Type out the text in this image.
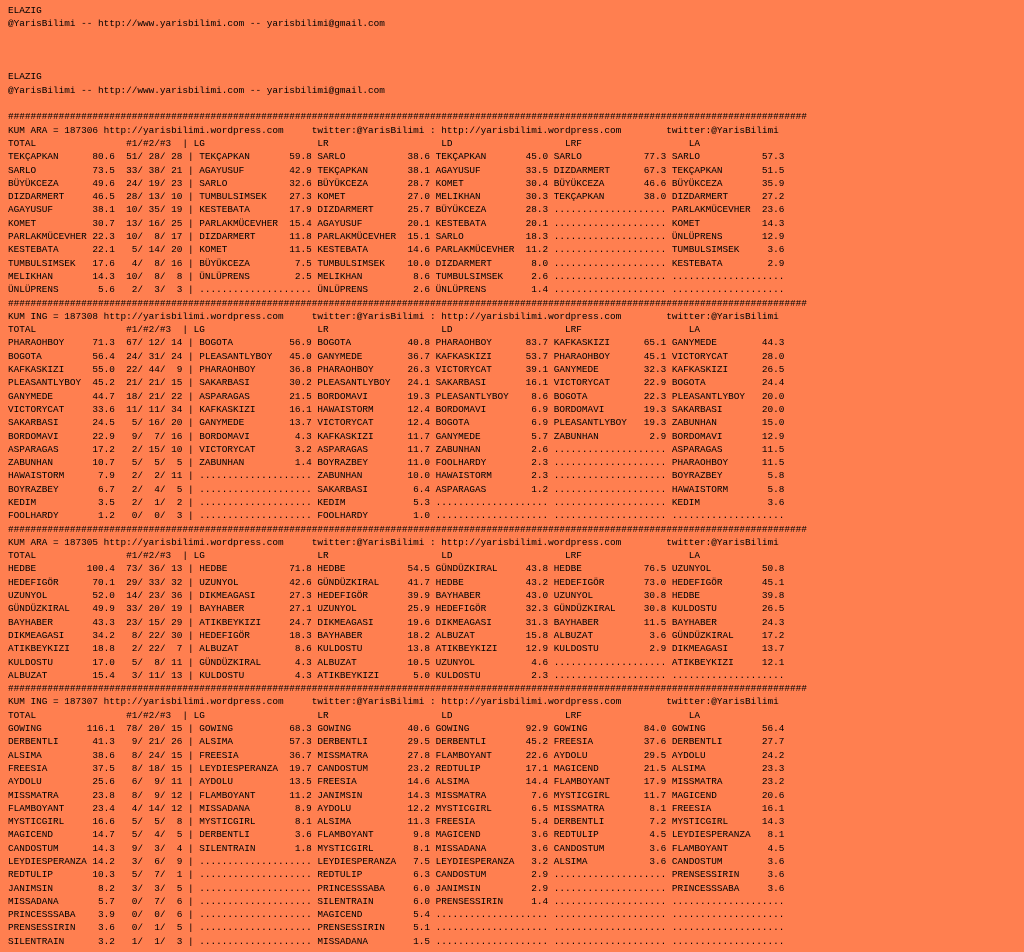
ELAZIG
@YarisBilimi -- http://www.yarisbilimi.com -- yarisbilimi@gmail.com

ELAZIG
@YarisBilimi -- http://www.yarisbilimi.com -- yarisbilimi@gmail.com

##############################################################################################################################################
KUM ARA = 187306 http://yarisbilimi.wordpress.com     twitter:@YarisBilimi : http://yarisbilimi.wordpress.com        twitter:@YarisBilimi
TOTAL                #1/#2/#3  | LG                    LR                    LD                    LRF                   LA
TEKÇAPKAN      80.6  51/ 28/ 28 | TEKÇAPKAN       59.8 SARLO           38.6 TEKÇAPKAN       45.0 SARLO           77.3 SARLO           57.3
SARLO          73.5  33/ 38/ 21 | AGAYUSUF        42.9 TEKÇAPKAN       38.1 AGAYUSUF        33.5 DIZDARMERT      67.3 TEKÇAPKAN       51.5
BÜYÜKCEZA      49.6  24/ 19/ 23 | SARLO           32.6 BÜYÜKCEZA       28.7 KOMET           30.4 BÜYÜKCEZA       46.6 BÜYÜKCEZA       35.9
DIZDARMERT     46.5  28/ 13/ 10 | TUMBULSIMSEK    27.3 KOMET           27.0 MELIKHAN        30.3 TEKÇAPKAN       38.0 DIZDARMERT      27.2
AGAYUSUF       38.1  10/ 35/ 19 | KESTEBATA       17.9 DIZDARMERT      25.7 BÜYÜKCEZA       28.3 .................... PARLAKMÜCEVHER  23.6
KOMET          30.7  13/ 16/ 25 | PARLAKMÜCEVHER  15.4 AGAYUSUF        20.1 KESTEBATA       20.1 .................... KOMET           14.3
PARLAKMÜCEVHER 22.3  10/  8/ 17 | DIZDARMERT      11.8 PARLAKMÜCEVHER  15.1 SARLO           18.3 .................... ÜNLÜPRENS       12.9
KESTEBATA      22.1   5/ 14/ 20 | KOMET           11.5 KESTEBATA       14.6 PARLAKMÜCEVHER  11.2 .................... TUMBULSIMSEK     3.6
TUMBULSIMSEK   17.6   4/  8/ 16 | BÜYÜKCEZA        7.5 TUMBULSIMSEK    10.0 DIZDARMERT       8.0 .................... KESTEBATA        2.9
MELIKHAN       14.3  10/  8/  8 | ÜNLÜPRENS        2.5 MELIKHAN         8.6 TUMBULSIMSEK     2.6 .................... ....................
ÜNLÜPRENS       5.6   2/  3/  3 | .................... ÜNLÜPRENS        2.6 ÜNLÜPRENS        1.4 .................... ....................
##############################################################################################################################################
KUM ING = 187308 http://yarisbilimi.wordpress.com     twitter:@YarisBilimi : http://yarisbilimi.wordpress.com        twitter:@YarisBilimi
TOTAL                #1/#2/#3  | LG                    LR                    LD                    LRF                   LA
PHARAOHBOY     71.3  67/ 12/ 14 | BOGOTA          56.9 BOGOTA          40.8 PHARAOHBOY      83.7 KAFKASKIZI      65.1 GANYMEDE        44.3
BOGOTA         56.4  24/ 31/ 24 | PLEASANTLYBOY   45.0 GANYMEDE        36.7 KAFKASKIZI      53.7 PHARAOHBOY      45.1 VICTORYCAT      28.0
KAFKASKIZI     55.0  22/ 44/  9 | PHARAOHBOY      36.8 PHARAOHBOY      26.3 VICTORYCAT      39.1 GANYMEDE        32.3 KAFKASKIZI      26.5
PLEASANTLYBOY  45.2  21/ 21/ 15 | SAKARBASI       30.2 PLEASANTLYBOY   24.1 SAKARBASI       16.1 VICTORYCAT      22.9 BOGOTA          24.4
GANYMEDE       44.7  18/ 21/ 22 | ASPARAGAS       21.5 BORDOMAVI       19.3 PLEASANTLYBOY    8.6 BOGOTA          22.3 PLEASANTLYBOY   20.0
VICTORYCAT     33.6  11/ 11/ 34 | KAFKASKIZI      16.1 HAWAISTORM      12.4 BORDOMAVI        6.9 BORDOMAVI       19.3 SAKARBASI       20.0
SAKARBASI      24.5   5/ 16/ 20 | GANYMEDE        13.7 VICTORYCAT      12.4 BOGOTA           6.9 PLEASANTLYBOY   19.3 ZABUNHAN        15.0
BORDOMAVI      22.9   9/  7/ 16 | BORDOMAVI        4.3 KAFKASKIZI      11.7 GANYMEDE         5.7 ZABUNHAN         2.9 BORDOMAVI       12.9
ASPARAGAS      17.2   2/ 15/ 10 | VICTORYCAT       3.2 ASPARAGAS       11.7 ZABUNHAN         2.6 .................... ASPARAGAS       11.5
ZABUNHAN       10.7   5/  5/  5 | ZABUNHAN         1.4 BOYRAZBEY       11.0 FOOLHARDY        2.3 .................... PHARAOHBOY      11.5
HAWAISTORM      7.9   2/  2/ 11 | .................... ZABUNHAN        10.0 HAWAISTORM       2.3 .................... BOYRAZBEY        5.8
BOYRAZBEY       6.7   2/  4/  5 | .................... SAKARBASI        6.4 ASPARAGAS        1.2 .................... HAWAISTORM       5.8
KEDIM           3.5   2/  1/  2 | .................... KEDIM            5.3 .................... .................... KEDIM            3.6
FOOLHARDY       1.2   0/  0/  3 | .................... FOOLHARDY        1.0 .................... .................... ....................
##############################################################################################################################################
KUM ARA = 187305 http://yarisbilimi.wordpress.com     twitter:@YarisBilimi : http://yarisbilimi.wordpress.com        twitter:@YarisBilimi
TOTAL                #1/#2/#3  | LG                    LR                    LD                    LRF                   LA
HEDBE         100.4  73/ 36/ 13 | HEDBE           71.8 HEDBE           54.5 GÜNDÜZKIRAL     43.8 HEDBE           76.5 UZUNYOL         50.8
HEDEFIGÖR      70.1  29/ 33/ 32 | UZUNYOL         42.6 GÜNDÜZKIRAL     41.7 HEDBE           43.2 HEDEFIGÖR       73.0 HEDEFIGÖR       45.1
UZUNYOL        52.0  14/ 23/ 36 | DIKMEAGASI      27.3 HEDEFIGÖR       39.9 BAYHABER        43.0 UZUNYOL         30.8 HEDBE           39.8
GÜNDÜZKIRAL    49.9  33/ 20/ 19 | BAYHABER        27.1 UZUNYOL         25.9 HEDEFIGÖR       32.3 GÜNDÜZKIRAL     30.8 KULDOSTU        26.5
BAYHABER       43.3  23/ 15/ 29 | ATIKBEYKIZI     24.7 DIKMEAGASI      19.6 DIKMEAGASI      31.3 BAYHABER        11.5 BAYHABER        24.3
DIKMEAGASI     34.2   8/ 22/ 30 | HEDEFIGÖR       18.3 BAYHABER        18.2 ALBUZAT         15.8 ALBUZAT          3.6 GÜNDÜZKIRAL     17.2
ATIKBEYKIZI    18.8   2/ 22/  7 | ALBUZAT          8.6 KULDOSTU        13.8 ATIKBEYKIZI     12.9 KULDOSTU         2.9 DIKMEAGASI      13.7
KULDOSTU       17.0   5/  8/ 11 | GÜNDÜZKIRAL      4.3 ALBUZAT         10.5 UZUNYOL          4.6 .................... ATIKBEYKIZI     12.1
ALBUZAT        15.4   3/ 11/ 13 | KULDOSTU         4.3 ATIKBEYKIZI      5.0 KULDOSTU         2.3 .................... ....................
##############################################################################################################################################
KUM ING = 187307 http://yarisbilimi.wordpress.com     twitter:@YarisBilimi : http://yarisbilimi.wordpress.com        twitter:@YarisBilimi
TOTAL                #1/#2/#3  | LG                    LR                    LD                    LRF                   LA
GOWING        116.1  78/ 20/ 15 | GOWING          68.3 GOWING          40.6 GOWING          92.9 GOWING          84.0 GOWING          56.4
DERBENTLI      41.3   9/ 21/ 26 | ALSIMA          57.3 DERBENTLI       29.5 DERBENTLI       45.2 FREESIA         37.6 DERBENTLI       27.7
ALSIMA         38.6   8/ 24/ 15 | FREESIA         36.7 MISSMATRA       27.8 FLAMBOYANT      22.6 AYDOLU          29.5 AYDOLU          24.2
FREESIA        37.5   8/ 18/ 15 | LEYDIESPERANZA  19.7 CANDOSTUM       23.2 REDTULIP        17.1 MAGICEND        21.5 ALSIMA          23.3
AYDOLU         25.6   6/  9/ 11 | AYDOLU          13.5 FREESIA         14.6 ALSIMA          14.4 FLAMBOYANT      17.9 MISSMATRA       23.2
MISSMATRA      23.8   8/  9/ 12 | FLAMBOYANT      11.2 JANIMSIN        14.3 MISSMATRA        7.6 MYSTICGIRL      11.7 MAGICEND        20.6
FLAMBOYANT     23.4   4/ 14/ 12 | MISSADANA        8.9 AYDOLU          12.2 MYSTICGIRL       6.5 MISSMATRA        8.1 FREESIA         16.1
MYSTICGIRL     16.6   5/  5/  8 | MYSTICGIRL       8.1 ALSIMA          11.3 FREESIA          5.4 DERBENTLI        7.2 MYSTICGIRL      14.3
MAGICEND       14.7   5/  4/  5 | DERBENTLI        3.6 FLAMBOYANT       9.8 MAGICEND         3.6 REDTULIP         4.5 LEYDIESPERANZA   8.1
CANDOSTUM      14.3   9/  3/  4 | SILENTRAIN       1.8 MYSTICGIRL       8.1 MISSADANA        3.6 CANDOSTUM        3.6 FLAMBOYANT       4.5
LEYDIESPERANZA 14.2   3/  6/  9 | .................... LEYDIESPERANZA   7.5 LEYDIESPERANZA   3.2 ALSIMA           3.6 CANDOSTUM        3.6
REDTULIP       10.3   5/  7/  1 | .................... REDTULIP         6.3 CANDOSTUM        2.9 .................... PRENSESSIRIN     3.6
JANIMSIN        8.2   3/  3/  5 | .................... PRINCESSSABA     6.0 JANIMSIN         2.9 .................... PRINCESSSABA     3.6
MISSADANA       5.7   0/  7/  6 | .................... SILENTRAIN       6.0 PRENSESSIRIN     1.4 .................... ....................
PRINCESSSABA    3.9   0/  0/  6 | .................... MAGICEND         5.4 .................... .................... ....................
PRENSESSIRIN    3.6   0/  1/  5 | .................... PRENSESSIRIN     5.1 .................... .................... ....................
SILENTRAIN      3.2   1/  1/  3 | .................... MISSADANA        1.5 .................... .................... ....................
